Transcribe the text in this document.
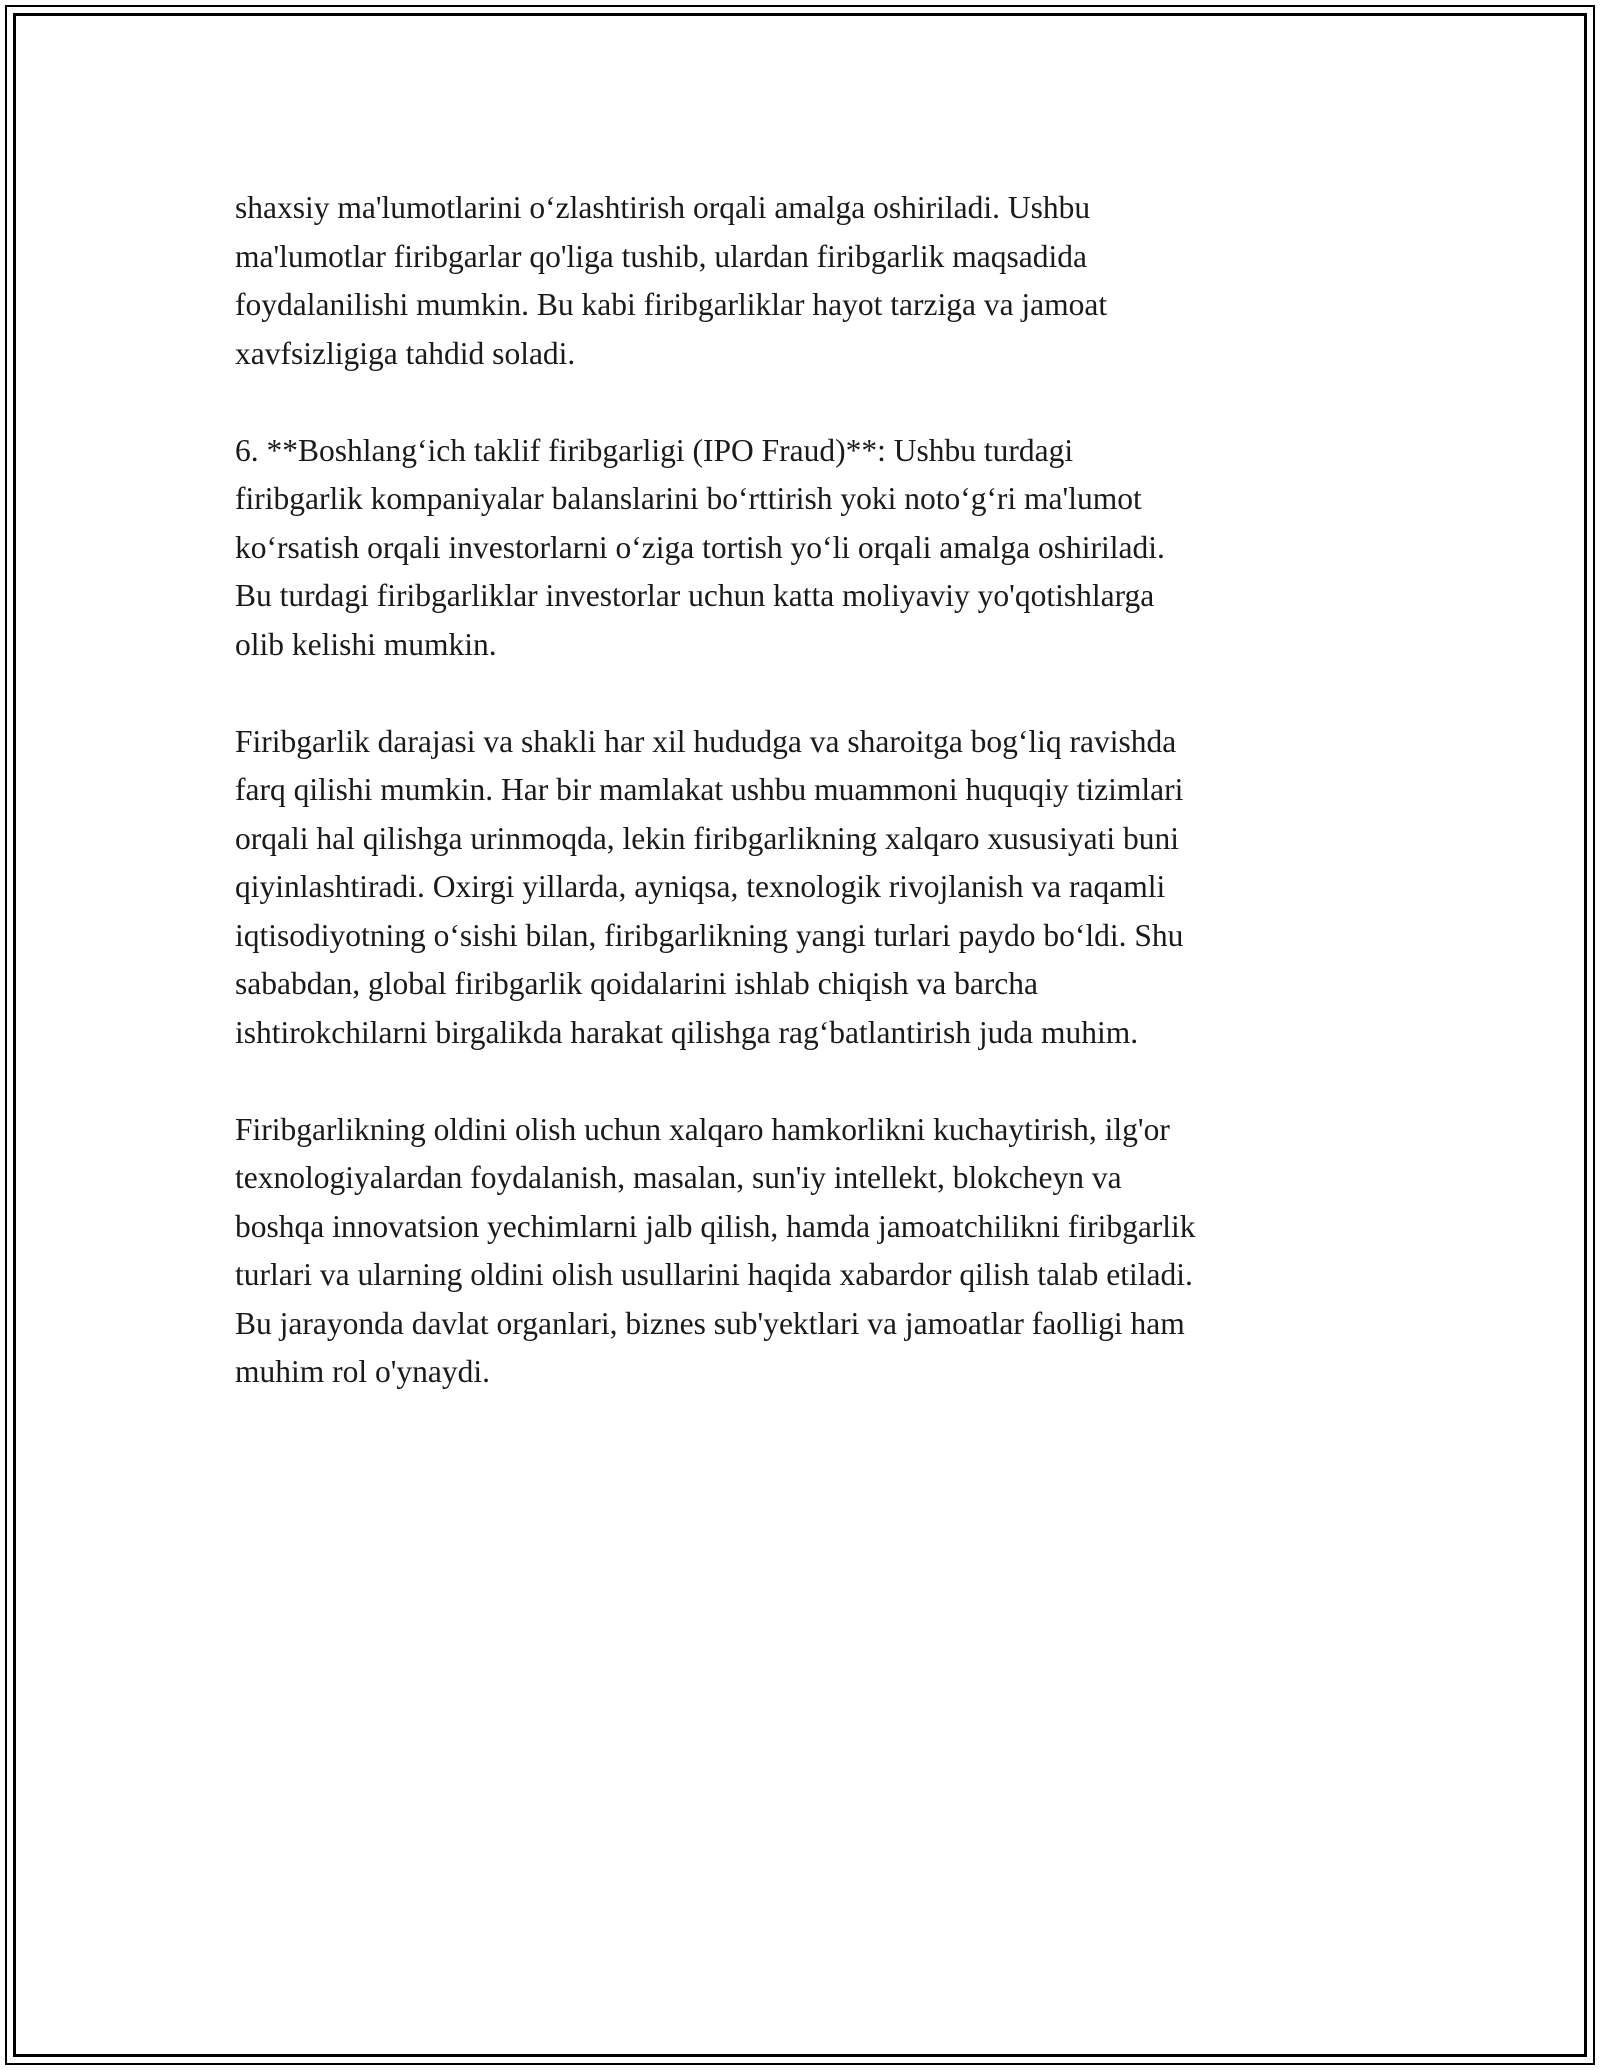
shaxsiy ma'lumotlarini o‘zlashtirish orqali amalga oshiriladi. Ushbu
ma'lumotlar firibgarlar qo'liga tushib, ulardan firibgarlik maqsadida
foydalanilishi mumkin. Bu kabi firibgarliklar hayot tarziga va jamoat
xavfsizligiga tahdid soladi.

6. **Boshlang‘ich taklif firibgarligi (IPO Fraud)**: Ushbu turdagi
firibgarlik kompaniyalar balanslarini bo‘rttirish yoki noto‘g‘ri ma'lumot
ko‘rsatish orqali investorlarni o‘ziga tortish yo‘li orqali amalga oshiriladi.
Bu turdagi firibgarliklar investorlar uchun katta moliyaviy yo'qotishlarga
olib kelishi mumkin.

Firibgarlik darajasi va shakli har xil hududga va sharoitga bog‘liq ravishda
farq qilishi mumkin. Har bir mamlakat ushbu muammoni huquqiy tizimlari
orqali hal qilishga urinmoqda, lekin firibgarlikning xalqaro xususiyati buni
qiyinlashtiradi. Oxirgi yillarda, ayniqsa, texnologik rivojlanish va raqamli
iqtisodiyotning o‘sishi bilan, firibgarlikning yangi turlari paydo bo‘ldi. Shu
sababdan, global firibgarlik qoidalarini ishlab chiqish va barcha
ishtirokchilarni birgalikda harakat qilishga rag‘batlantirish juda muhim.

Firibgarlikning oldini olish uchun xalqaro hamkorlikni kuchaytirish, ilg'or
texnologiyalardan foydalanish, masalan, sun'iy intellekt, blokcheyn va
boshqa innovatsion yechimlarni jalb qilish, hamda jamoatchilikni firibgarlik
turlari va ularning oldini olish usullarini haqida xabardor qilish talab etiladi.
Bu jarayonda davlat organlari, biznes sub'yektlari va jamoatlar faolligi ham
muhim rol o'ynaydi.
